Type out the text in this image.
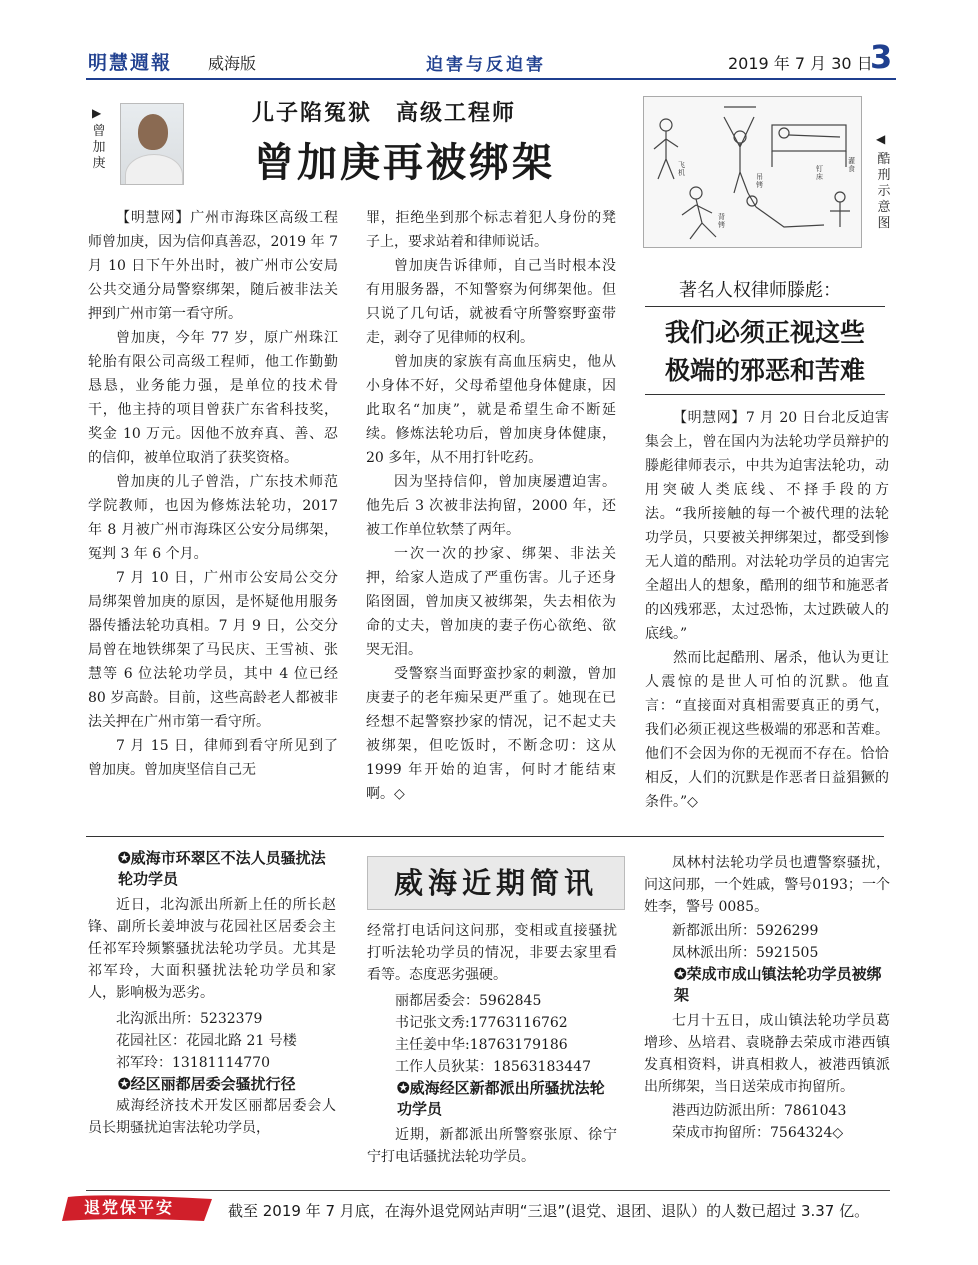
明慧週報 威海版	迫害与反迫害	2019 年 7 月 30 日
3
▶
曾
加
庚
儿子陷冤狱　高级工程师
曾加庚再被绑架

【明慧网】广州市海珠区高级工程师曾加庚，因为信仰真善忍，2019 年 7 月 10 日下午外出时，被广州市公安局公共交通分局警察绑架，随后被非法关押到广州市第一看守所。

曾加庚，今年 77 岁，原广州珠江轮胎有限公司高级工程师，他工作勤勤恳恳，业务能力强，是单位的技术骨干，他主持的项目曾获广东省科技奖，奖金 10 万元。因他不放弃真、善、忍的信仰，被单位取消了获奖资格。

曾加庚的儿子曾浩，广东技术师范学院教师，也因为修炼法轮功，2017 年 8 月被广州市海珠区公安分局绑架，冤判 3 年 6 个月。

7 月 10 日，广州市公安局公交分局绑架曾加庚的原因，是怀疑他用服务器传播法轮功真相。7 月 9 日，公交分局曾在地铁绑架了马民庆、王雪祯、张慧等 6 位法轮功学员，其中 4 位已经 80 岁高龄。目前，这些高龄老人都被非法关押在广州市第一看守所。

7 月 15 日，律师到看守所见到了曾加庚。曾加庚坚信自己无

罪，拒绝坐到那个标志着犯人身份的凳子上，要求站着和律师说话。

曾加庚告诉律师，自己当时根本没有用服务器，不知警察为何绑架他。但只说了几句话，就被看守所警察野蛮带走，剥夺了见律师的权利。

曾加庚的家族有高血压病史，他从小身体不好，父母希望他身体健康，因此取名“加庚”，就是希望生命不断延续。修炼法轮功后，曾加庚身体健康，20 多年，从不用打针吃药。

因为坚持信仰，曾加庚屡遭迫害。他先后 3 次被非法拘留，2000 年，还被工作单位软禁了两年。

一次一次的抄家、绑架、非法关押，给家人造成了严重伤害。儿子还身陷囹圄，曾加庚又被绑架，失去相依为命的丈夫，曾加庚的妻子伤心欲绝、欲哭无泪。

受警察当面野蛮抄家的刺激，曾加庚妻子的老年痴呆更严重了。她现在已经想不起警察抄家的情况，记不起丈夫被绑架，但吃饭时，不断念叨：这从 1999 年开始的迫害，何时才能结束啊。◇

飞
机	吊
铐
钉
床
背
铐
灌
食
◀
酷
刑
示
意
图
著名人权律师滕彪：
我们必须正视这些
极端的邪恶和苦难

【明慧网】7 月 20 日台北反迫害集会上，曾在国内为法轮功学员辩护的滕彪律师表示，中共为迫害法轮功，动用突破人类底线、不择手段的方法。“我所接触的每一个被代理的法轮功学员，只要被关押绑架过，都受到惨无人道的酷刑。对法轮功学员的迫害完全超出人的想象，酷刑的细节和施恶者的凶残邪恶，太过恐怖，太过跌破人的底线。”

然而比起酷刑、屠杀，他认为更让人震惊的是世人可怕的沉默。他直言：“直接面对真相需要真正的勇气，我们必须正视这些极端的邪恶和苦难。他们不会因为你的无视而不存在。恰恰相反，人们的沉默是作恶者日益猖獗的条件。”◇

威海近期简讯
✪威海市环翠区不法人员骚扰法轮功学员

近日，北沟派出所新上任的所长赵锋、副所长姜坤波与花园社区居委会主任祁军玲频繁骚扰法轮功学员。尤其是祁军玲，大面积骚扰法轮功学员和家人，影响极为恶劣。

北沟派出所：5232379
花园社区：花园北路 21 号楼
祁军玲：13181114770
✪经区丽都居委会骚扰行径

威海经济技术开发区丽都居委会人员长期骚扰迫害法轮功学员，

经常打电话问这问那，变相或直接骚扰打听法轮功学员的情况，非要去家里看看等。态度恶劣强硬。

丽都居委会：5962845
书记张文秀:17763116762
主任姜中华:18763179186
工作人员狄某：18563183447
✪威海经区新都派出所骚扰法轮功学员

近期，新都派出所警察张原、徐宁宁打电话骚扰法轮功学员。

凤林村法轮功学员也遭警察骚扰，问这问那，一个姓戚，警号0193；一个姓李，警号 0085。

新都派出所：5926299
凤林派出所：5921505
✪荣成市成山镇法轮功学员被绑架

七月十五日，成山镇法轮功学员葛增珍、丛培君、袁晓静去荣成市港西镇发真相资料，讲真相救人，被港西镇派出所绑架，当日送荣成市拘留所。

港西边防派出所：7861043
荣成市拘留所：7564324◇
退党保平安	截至 2019 年 7 月底，在海外退党网站声明“三退”(退党、退团、退队）的人数已超过 3.37 亿。
